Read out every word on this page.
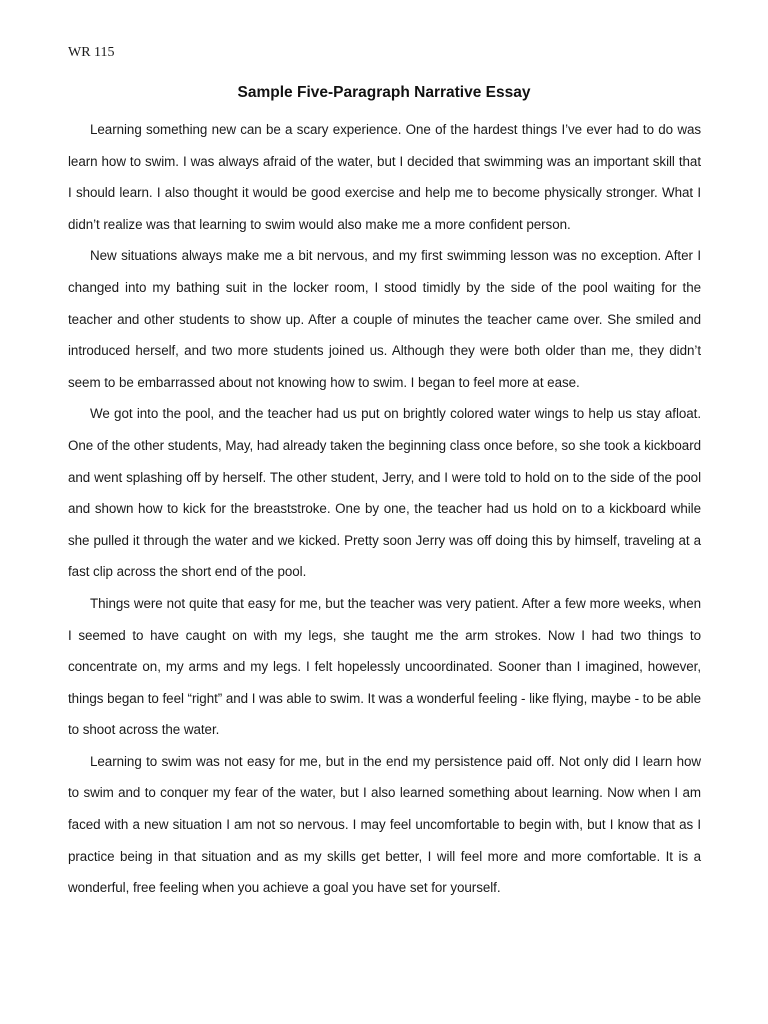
WR 115
Sample Five-Paragraph Narrative Essay

Learning something new can be a scary experience. One of the hardest things I’ve ever had to do was learn how to swim. I was always afraid of the water, but I decided that swimming was an important skill that I should learn. I also thought it would be good exercise and help me to become physically stronger. What I didn’t realize was that learning to swim would also make me a more confident person.

New situations always make me a bit nervous, and my first swimming lesson was no exception. After I changed into my bathing suit in the locker room, I stood timidly by the side of the pool waiting for the teacher and other students to show up. After a couple of minutes the teacher came over. She smiled and introduced herself, and two more students joined us. Although they were both older than me, they didn’t seem to be embarrassed about not knowing how to swim. I began to feel more at ease.

We got into the pool, and the teacher had us put on brightly colored water wings to help us stay afloat. One of the other students, May, had already taken the beginning class once before, so she took a kickboard and went splashing off by herself. The other student, Jerry, and I were told to hold on to the side of the pool and shown how to kick for the breaststroke. One by one, the teacher had us hold on to a kickboard while she pulled it through the water and we kicked. Pretty soon Jerry was off doing this by himself, traveling at a fast clip across the short end of the pool.

Things were not quite that easy for me, but the teacher was very patient. After a few more weeks, when I seemed to have caught on with my legs, she taught me the arm strokes. Now I had two things to concentrate on, my arms and my legs. I felt hopelessly uncoordinated. Sooner than I imagined, however, things began to feel “right” and I was able to swim. It was a wonderful feeling - like flying, maybe - to be able to shoot across the water.

Learning to swim was not easy for me, but in the end my persistence paid off. Not only did I learn how to swim and to conquer my fear of the water, but I also learned something about learning. Now when I am faced with a new situation I am not so nervous. I may feel uncomfortable to begin with, but I know that as I practice being in that situation and as my skills get better, I will feel more and more comfortable. It is a wonderful, free feeling when you achieve a goal you have set for yourself.
